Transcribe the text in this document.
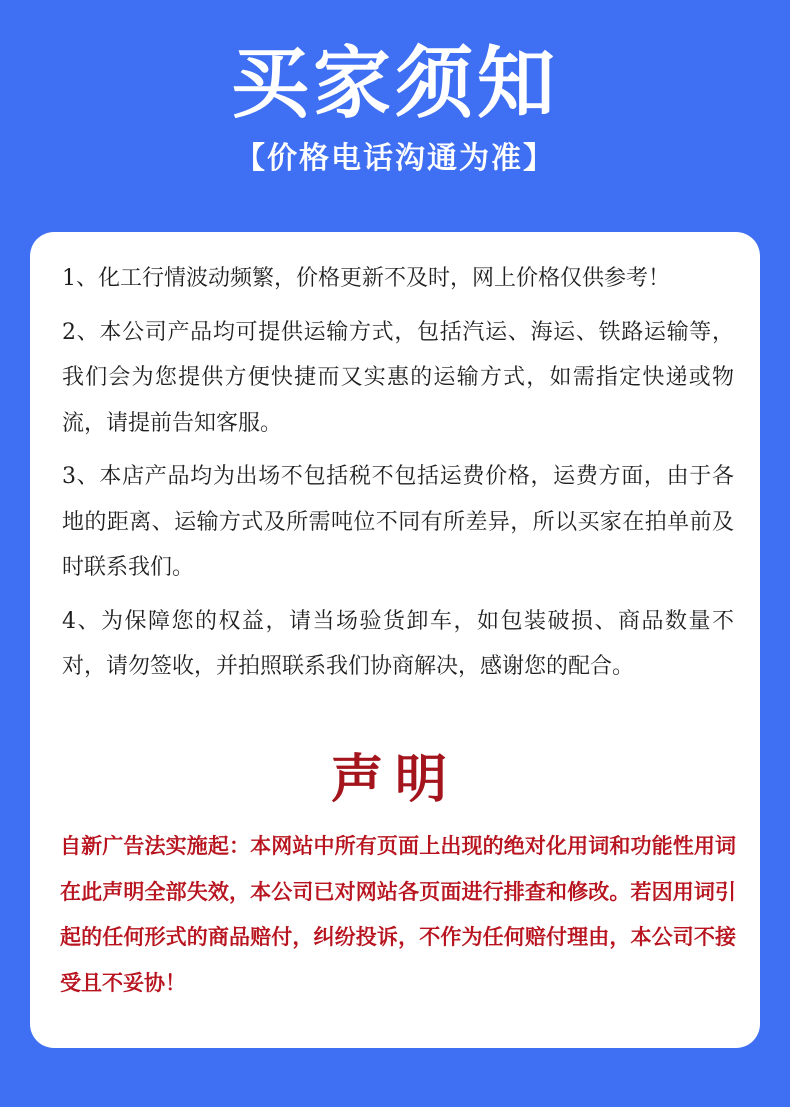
买家须知
【价格电话沟通为准】

1、化工行情波动频繁，价格更新不及时，网上价格仅供参考！

2、本公司产品均可提供运输方式，包括汽运、海运、铁路运输等，我们会为您提供方便快捷而又实惠的运输方式，如需指定快递或物流，请提前告知客服。

3、本店产品均为出场不包括税不包括运费价格，运费方面，由于各地的距离、运输方式及所需吨位不同有所差异，所以买家在拍单前及时联系我们。

4、为保障您的权益，请当场验货卸车，如包装破损、商品数量不对，请勿签收，并拍照联系我们协商解决，感谢您的配合。

声明
自新广告法实施起：本网站中所有页面上出现的绝对化用词和功能性用词在此声明全部失效，本公司已对网站各页面进行排查和修改。若因用词引起的任何形式的商品赔付，纠纷投诉，不作为任何赔付理由，本公司不接受且不妥协！
